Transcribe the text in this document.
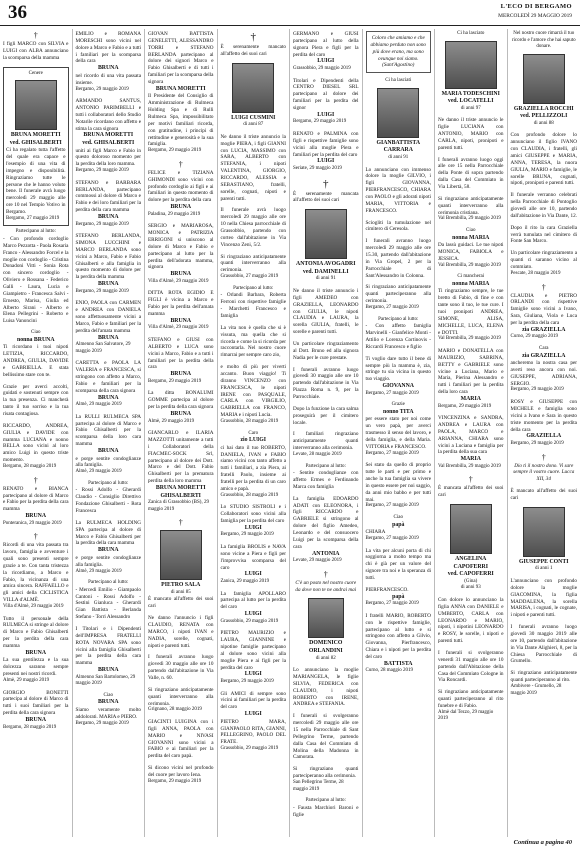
36	L'ECO DI BERGAMO
MERCOLEDÌ 29 MAGGIO 2019
†
I figli MARCO con SILVIA e LUIGI con ALBA annunciano la scomparsa della mamma
Cenere
BRUNA MORETTI
ved. GHISALBERTI
Ci ha regalato tutta l'affetto del quale era capace e l'esempio di una vita di impegno e disponibilità. Ringraziamo tutte le persone che le hanno voluto bene. Il funerale avrà luogo mercoledì 29 maggio alle ore 10 nel Tempio Votivo in Bergamo.
Bergamo, 27 maggio 2019
Partecipano al lutto:
- Con profondo cordoglio Marco Pezzotta - Paola Rosaria Franco - Alessandro Forcel e la moglie con cordoglio - Cristina Donadoni Vitti - Sonia Rota con sincero cordoglio - Oliviero e Rossana - Federico Galli - Laura, Lucia e Giampietro - Francesca Salvi - Ernesto, Marisa, Giulia ed Alberto Sirani - Alberto e Elena Pellegrini - Roberto e Luisa Vanoncini
Ciao
nonna BRUNA
Ti ricordano i tuoi nipoti LETIZIA, RICCARDO, ANDREA, GIULIA, DAVIDE e GABRIELLA. E stata bellissimo stare con te.
Grazie per averci accolti, guidati e sostenuti sempre con la tua presenza. Ci mancherà tanto il tuo sorriso e la tua risata contagiosa.
RICCARDO, ANDREA, GIULIA e DAVIDE con mamma LUCIANA e nonno BELLA sono vicini al loro amico Luigi in questo triste momento.
Bergamo, 28 maggio 2019
†
RENATO e BIANCA partecipano al dolore di Marco e Fabio per la perdita della cara mamma
BRUNA
Ponteranica, 29 maggio 2019
†
Ricordi di una vita passata tra lavoro, famiglia e avventure i quali sono presenti sempre grazie a te. Con tanta tristezza la ricordiamo, a Marco e Fabio, la vicinanza di una amica sincera. RAFFAELLO e gli amici della CICLISTICA VILLA d'ALMÈ.
Villa d'Almè, 29 maggio 2019
Tutto il personale della RULMECA si stringe al dolore di Marco e Fabio Ghisalberti per la perdita della cara mamma
BRUNA
La sua gentilezza e la sua dolcezza saranno sempre presenti nei nostri ricordi.
Almè, 29 maggio 2019
GIORGIO BONETTI partecipa al dolore di Marco di tutti i suoi familiari per la perdita della cara signora
BRUNA
Bergamo, 28 maggio 2019
EMILIO e ROMANA MORESCHI sono vicini nel dolore a Marco e Fabio e a tutti i familiari per la scomparsa della cara
BRUNA
nel ricordo di una vita passata insieme.
Bergamo, 29 maggio 2019
ARMANDO SANTUS, ANTONIO PARIMBELLI e tutti i collaboratori dello Studio Notarile ricordano con affetto e stima la cara signora
BRUNA MORETTI
ved. GHISALBERTI
uniti ai figli Marco e Fabio in questo doloroso momento per la perdita della loro mamma.
Bergamo, 29 maggio 2019
STEFANO e BARBARA BERLANDA, partecipano commossi al dolore di Marco e Fabio e dei loro familiari per la perdita della cara mamma
BRUNA
Bergamo, 29 maggio 2019
STEFANO BERLANDA, SIMONA LUCCHINI e MARCO BERLANDA sono vicini a Marco, Fabio e Fabio Ghisalberti e alla famiglia in questo momento di dolore per la perdita della mamma
BRUNA
Bergamo, 29 maggio 2019
ENIO, PAOLA con CARMEN e ANDREA con DANIELA sono affettuosamente vicini a Marco, Fabio e familiari per la perdita dell'amata mamma
BRUNA
Almenno San Salvatore, 29 maggio 2019
CARETTA e PAOLA LA VALERIA e FRANCESCA, si stringono con affetto a Marco, Fabio e familiari per la scomparsa della cara signora
BRUNA
Almè, 29 maggio 2019
La RULLI RULMECA SPA partecipa al dolore di Marco e Fabio Ghisalberti per la scomparsa della loro cara mamma
BRUNA
e porge sentite condoglianze alla famiglia.
Almè, 29 maggio 2019
Partecipano al lutto:
- Rossi Adolfo - Gherardi Claudio - Consiglio Direttivo Fondazione Ghisalberti - Rota Francesca
La RULMECA HOLDING SPA partecipa al dolore di Marco e Fabio Ghisalberti per la perdita della cara mamma
BRUNA
e porge sentite condoglianze alla famiglia.
Almè, 29 maggio 2019
Partecipano al lutto:
- Mercedi Emilio - Giampaolo Cantoni - Rossi Adolfo - Sestini Gianluca - Gherardi Gian Battista - Berlanda Stefano - Torri Alessandro
I Titolari e i Dipendenti dell'IMPRESA FRATELLI ROTA NOVARA SPA sono vicini alla famiglia Ghisalberti per la perdita della cara mamma
BRUNA
Almenno San Bartolomeo, 29 maggio 2019
Ciao
BRUNA
Siamo veramente molto addolorati. MARIA e PIERO.
Bergamo, 29 maggio 2019
GIOVAN BATTISTA GENELETTI, ALESSANDRO TORRI e STEFANO BERLANDA partecipano al dolore dei signori Marco e Fabio Ghisalberti e di tutti i familiari per la scomparsa della signora
BRUNA MORETTI
Il Presidente del Consiglio di Amministrazione di Rulmeca Holding Spa e di Rulli Rulmeca Spa, impossibilitato per motivi familiari ricorda, con gratitudine, i principi di rettitudine e generosità e la sua famiglia.
Bergamo, 29 maggio 2019
†
FELICE e TIZIANA GHIMONDI sono vicini con profondo cordoglio ai figli e ai familiari in questo momento di dolore per la perdita della cara
BRUNA
Paladina, 29 maggio 2019
SERGIO e MARIAROSA, MONICA e PATRIZIA ERRIGONI si uniscono al dolore di Marco e Fabio e partecipano al lutto per la perdita dell'adorata mamma, signora
BRUNA
Villa d'Almè, 29 maggio 2019
DITTA ROTA EGIDIO E FIGLI è vicina a Marco e Fabio per la perdita dell'amata mamma
BRUNA
Villa d'Almè, 29 maggio 2019
STEFANO e GIUSI con ALBERTO e LUCA sono vicini a Marco, Fabio e a tutti i familiari per la perdita della cara
BRUNA
Bergamo, 29 maggio 2019
La ditta BONALUMI GOMME partecipa al dolore per la perdita della cara signora
BRUNA
Almè, 29 maggio 2019
GIANCARLO e ILARIA MAZZOTTI unitamente a tutti i Collaboratori della FIACMEC-SOCK Srl, partecipano al dolore dei Dott. Marco e del Dott. Fabio Ghisalberti per la prematura perdita della loro mamma
BRUNA MORETTI
GHISALBERTI
Zanica di Grassobbio (BS), 29 maggio 2019
†
PIETRO SALA
di anni 85
È mancato all'affetto dei suoi cari
Ne danno l'annuncio i figli CLAUDIO, RENATA con MARCO, i nipoti IVAN e NADIA, sorelle, cognati, nipoti e parenti tutti.
I funerali avranno luogo giovedì 30 maggio alle ore 10 partendo dall'abitazione in Via Valle, n. 60.
Si ringraziano anticipatamente quanti interverranno alla cerimonia.
Grignano, 28 maggio 2019
GIACINTI LUIGINA con i figli ANNA, PAOLA con MARIO e NIVASI GIOVANNI sono vicini a FABIO e ai familiari per la perdita del caro papà.
Si dicono vicini nel profondo del cuore per lavoro Iena.
Bergamo, 29 maggio 2019
†
È serenamente mancato all'affetto dei suoi cari
LUIGI CUSMINI
di anni 87
Ne danno il triste annuncio la moglie PIERA, i figli GIANNI con LUCIA, MASSIMO con SARA, ALBERTO con STEFANIA, i nipoti VALENTINA, GIORGIO, RICCARDO, ALESSIA e SEBASTIANO, fratelli, sorelle, cognati, nipoti e parenti tutti.
Il funerale avrà luogo mercoledì 29 maggio alle ore 10 nella Chiesa parrocchiale di Grassobbio, partendo con corteo dall'abitazione in Via Vincenzo Zeni, 5/2.
Si ringraziano anticipatamente quanti interverranno alla cerimonia.
Grassobbio, 27 maggio 2019
Partecipano al lutto:
- Orlandi Barbara, Roberta Ferroni con rispettive famiglie - Marchetti Francesco e famiglia
La vita non è quella che si è vissuta, ma quella che si ricorda e come la si ricorda per raccontarla. Nel nostro cuore rimarrai per sempre caro zio,
e molto di più per viverti accanto. Buon viaggio! Ti diranno VINCENZO con FRANCESCA, le nipoti IRENE con PASQUALE, CARLA con VIRGILIO, GABRIELLA con FRANCO, MARIA e i nipoti Lucia.
Grassobbio, 28 maggio 2019
Caro
zio LUIGI
ci hai dato il tuo ROBERTO, DANIELA, IVAN e FABIO siamo vicini con tanto affetto a tutti i familiari, a zia Piera, ai fratelli Paolo, insieme ai fratelli per la perdita di un caro amico e papà.
Grassobbio, 28 maggio 2019
Lo STUDIO SISTROLI e i Collaboratori sono vicini alla famiglia per la perdita del caro
LUIGI
Bergamo, 29 maggio 2019
La famiglia BROLIS e NAVA sono vicine a Piera e figli per l'improvvisa scomparsa del caro
LUIGI
Zanica, 29 maggio 2019
La famiglia APOLLARO partecipa al lutto per la perdita del caro
LUIGI
Grassobbio, 29 maggio 2019
PIETRO MAURIZIO e LAURA, GIANNINE e nipotine famiglie partecipano al dolore sono vicini alla moglie Piera e ai figli per la perdita del caro
LUIGI
Bergamo, 29 maggio 2019
Gli AMICI di sempre sono vicini ai familiari per la perdita del caro
LUIGI
PIETRO MARA, GIANPAOLO RITA, GIANNI, PELLEGRINO, PAOLO DEL FRATE.
Grassobbio, 29 maggio 2019
GERMANO e GIUSI partecipano al lutto della signora Piera e figli per la perdita del caro
LUIGI
Grassobbio, 29 maggio 2019
Titolari e Dipendenti della CENTRO DIESEL SRL partecipano al dolore dei familiari per la perdita del signor
LUIGI
Bergamo, 29 maggio 2019
RENATO e PALMINA con figli e rispettive famiglie sono vicini alla moglie Piera e familiari per la perdita del caro
LUIGI
Seriate, 29 maggio 2019
†
È serenamente mancata all'affetto dei suoi cari
ANTONIA AVOGADRI
ved. DAMINELLI
di anni 91
Ne danno il triste annuncio i figli AMEDEO con GRAZIELLA, LEONARDO con GIULIA, le nipoti CLAUDIA e LAURA, la sorella GIULIA, fratelli, le sorelle e parenti tutti.
Un particolare ringraziamento al Dott. Bruno ed alla signora Nadia per le cure prestate.
I funerali avranno luogo giovedì 30 maggio alle ore 10 partendo dall'abitazione in Via Piazza Roma n. 9, per la Parrocchiale.
Dopo la funzione la cara salma proseguirà per il cimitero locale.
I familiari ringraziano anticipatamente quanti interverranno alla cerimonia.
Levate, 28 maggio 2019
Partecipano al lutto:
- Sentite condoglianze con affetto Ermes e Ferdinando Marca con famiglia
La famiglia EDOARDO ADATI con ELEONORA, i figli RICCARDO e GABRIELE si stringono al dolore del figlio Amedeo, Leonardo e del consuocero Luigi per la scomparsa della cara
ANTONIA
Levate, 29 maggio 2019
†
C'è un posto nel nostro cuore da dove non te ne andrai mai
DOMENICO ORLANDINI
di anni 82
Lo annunciano la moglie MARIANGELA, le figlie SILVIA, FEDERICA con CLAUDIO, i nipoti ROBERTO con IRENE, ANDREA e STEFANIA.
I funerali si svolgeranno mercoledì 29 maggio alle ore 15 nella Parrocchiale di Sant Pellegrino Terme, partendo dalla Casa del Commiato di Molina della Madonna in Camorata.
Si ringraziano quanti parteciperanno alla cerimonia.
San Pellegrino Terme, 28 maggio 2019
Partecipano al lutto:
- Fausta Marchiori Baroni e figlie
Coloro che amiamo e che abbiamo perduto non sono più dove erano, ma sono ovunque noi siamo. (Sant'Agostino)
Ci ha lasciati
GIANBATTISTA
CARRARA
di anni 91
Lo annunciano con immenso dolore la moglie GILVIO, i figli GIOVANNA, PIERFRANCESCO, CHIARA con PAOLO e gli adorati nipoti MARIA, VITTORIA e FRANCESCO.
Sciogliti la tumulazione nel cimitero di Ceresola.
I funerali avranno luogo mercoledì 29 maggio alle ore 15.30, partendo dall'abitazione in Via Gropel, 2 per la Parrocchiale di Sant'Alessandro in Colonna.
Si ringraziano anticipatamente quanti parteciperanno alla cerimonia.
Bergamo, 27 maggio 2019
Partecipano al lutto:
- Con affetto famiglia Marvinelli - Gianfelice Monti - Attilio e Lorenza Cortinovis - Riccardi Francesco e figlio
Ti voglio dare tutto il bene di sempre più la mamma è, zia, stringe tu sia vicina in questo tuo viaggio.
GIOVANNA
Bergamo, 27 maggio 2019
Grazie
nonno TITA
per essere stato per noi come un vero papà, per averci trasmesso il senso del lavoro, e della famiglia, e della Maria. VITTORIA e FRANCESCO.
Bergamo, 27 maggio 2019
Sei stato da quello di proprio tutte le parti e per primo e anche la tua famiglia sa vivere in questo essere per noi saggio, da anni mio babbo e per tutti mai.
Bergamo, 27 maggio 2019
Ciao
papà
CHIARA
Bergamo, 27 maggio 2019
La vita per alcuni porta di chi soggiorna a molto tempo ma chi è già per un valore del signore tra noi e la speranza di tutti.
PIERFRANCESCO.
papà
Bergamo, 27 maggio 2019
I fratelli MARIO, ROBERTO con le rispettive famiglie, partecipano al lutto e si stringono con affetto a Gilvio, Giovanna, Pierfrancesco, Chiara e i nipoti per la perdita del caro
BATTISTA
Curno, 28 maggio 2019
Ci ha lasciato
MARIA TODESCHINI
ved. LOCATELLI
di anni 97
Ne danno il triste annuncio le figlie LUCIANA con ANTONIO, MARIO con CARLA, nipoti, pronipoti e parenti tutti.
I funerali avranno luogo oggi alle ore 15 nella Parrocchiale della Ponte di sopra partendo dalla Casa del Commiato in Via Libertà, 58.
Si ringraziano anticipatamente quanti interverranno alla cerimonia cristiana.
Val Brembilla, 29 maggio 2019
Ciao
nonna MARIA
Da lassù guidaci. Le tue nipoti MONICA, FABIOLA e JESSICA.
Val Brembilla, 29 maggio 2019
Ci mancherai
nonna MARIA
Ti ringraziamo sempre, le tue bretto di Fabio, di fine e con tante sono il tuo, le tue cure. I tuoi pronipoti ANDREA, SIMONE, ALISA, MICHELLE, LUCA, ELENA e DOTTI.
Val Brembilla, 29 maggio 2019
MARIO e DONATELLA con MAURIZIO, SABRINA, BETTY e GABRIELE sono vicine a Luciana, Mario e Maria, Pierina Alessandro e tutti i familiari per la perdita della loro cara
MARIA
Bergamo, 29 maggio 2019
VINCENZINA e SANDRA, ANDREA e LAURA con PAOLA, MARCO e ARIANNA, CHIARA sono vicini a Luciana e famiglia per la perdita della sua cara
MARIA
Val Brembilla, 29 maggio 2019
†
È mancata all'affetto dei suoi cari
ANGELINA CAPOFERRI
ved. CAPOFERRI
(Gina)
di anni 93
Con dolore lo annunciano la figlia ANNA con DANIELE e UMBERTO, CARLA con LEONARDO e MARIO, nipoti, i nipotini LEONARDO e ROSY, le sorelle, i nipoti e parenti tutti.
I funerali si svolgeranno venerdì 31 maggio alle ore 10 partendo dall'Abitazione della Casa del Commiato Cologne in Via Roncardi.
Si ringraziano anticipatamente quanti parteciperanno al rito funebre e di Fabio.
Almè dal Tezzo, 29 maggio 2019
Nel nostro cuore rimarrà il tuo ricordo e l'amore che hai saputo donare.
GRAZIELLA ROCCHI
ved. PELLIZZOLI
di anni 88
Con profondo dolore lo annunciano il figlio IVANO con CLAUDIA, i fratelli, gli amici GIUSEPPE e MARIA, ANNA, TERESA, la nuora GIULIA, MARIO e famiglie, le sorelle BRUNA, cognati, nipoti, pronipoti e parenti tutti.
Il funerale verranno celebrati nella Parrocchiale di Pontoglio giovedì alle ore 10, partendo dall'abitazione in Via Dante, 12.
Dopo il rito la cara Graziella verrà tumulata nel cimitero di Fonte San Marco.
Un particolare ringraziamento a quanti ci saranno vicino al commiato.
Pescate, 28 maggio 2019
†
CLAUDIA e PIETRO ORLANDI con rispettive famiglie sono vicini a Ivano, Sara, Giuliana, Viola e Luca per la perdita della cara
zia GRAZIELLA
Curno, 29 maggio 2019
Cara
zia GRAZIELLA
ancheremo la nostra casa per averti reso ancora con noi. GIUSEPPE, ADRIANA, SERGIO.
Bergamo, 29 maggio 2019
ROSY e GIUSEPPE con MICHELE e famiglia sono vicini a Ivano e Sara in questo triste momento per la perdita della cara
GRAZIELLA
Bergamo, 29 maggio 2019
†
Dio ti il nostro dono. Vi sare sempre il vostro cuore. Lucca XII, 34
È mancato all'affetto dei suoi cari
GIUSEPPE CONTI
di anni 1
L'annunciano con profondo dolore la moglie GIACOMINA, la figlia MADDALENA, la sorella MARISA, i cognati, le cognate, i nipoti e parenti tutti.
I funerali avranno luogo giovedì 30 maggio 2019 alle ore 10, partendo dall'abitazione in Via Dante Alighieri, 8, per la Chiesa Parrocchiale di Grumello.
Si ringraziano anticipatamente quanti parteciperanno al rito.
Ambivere - Grumello, 28 maggio 2019
Continua a pagina 40
